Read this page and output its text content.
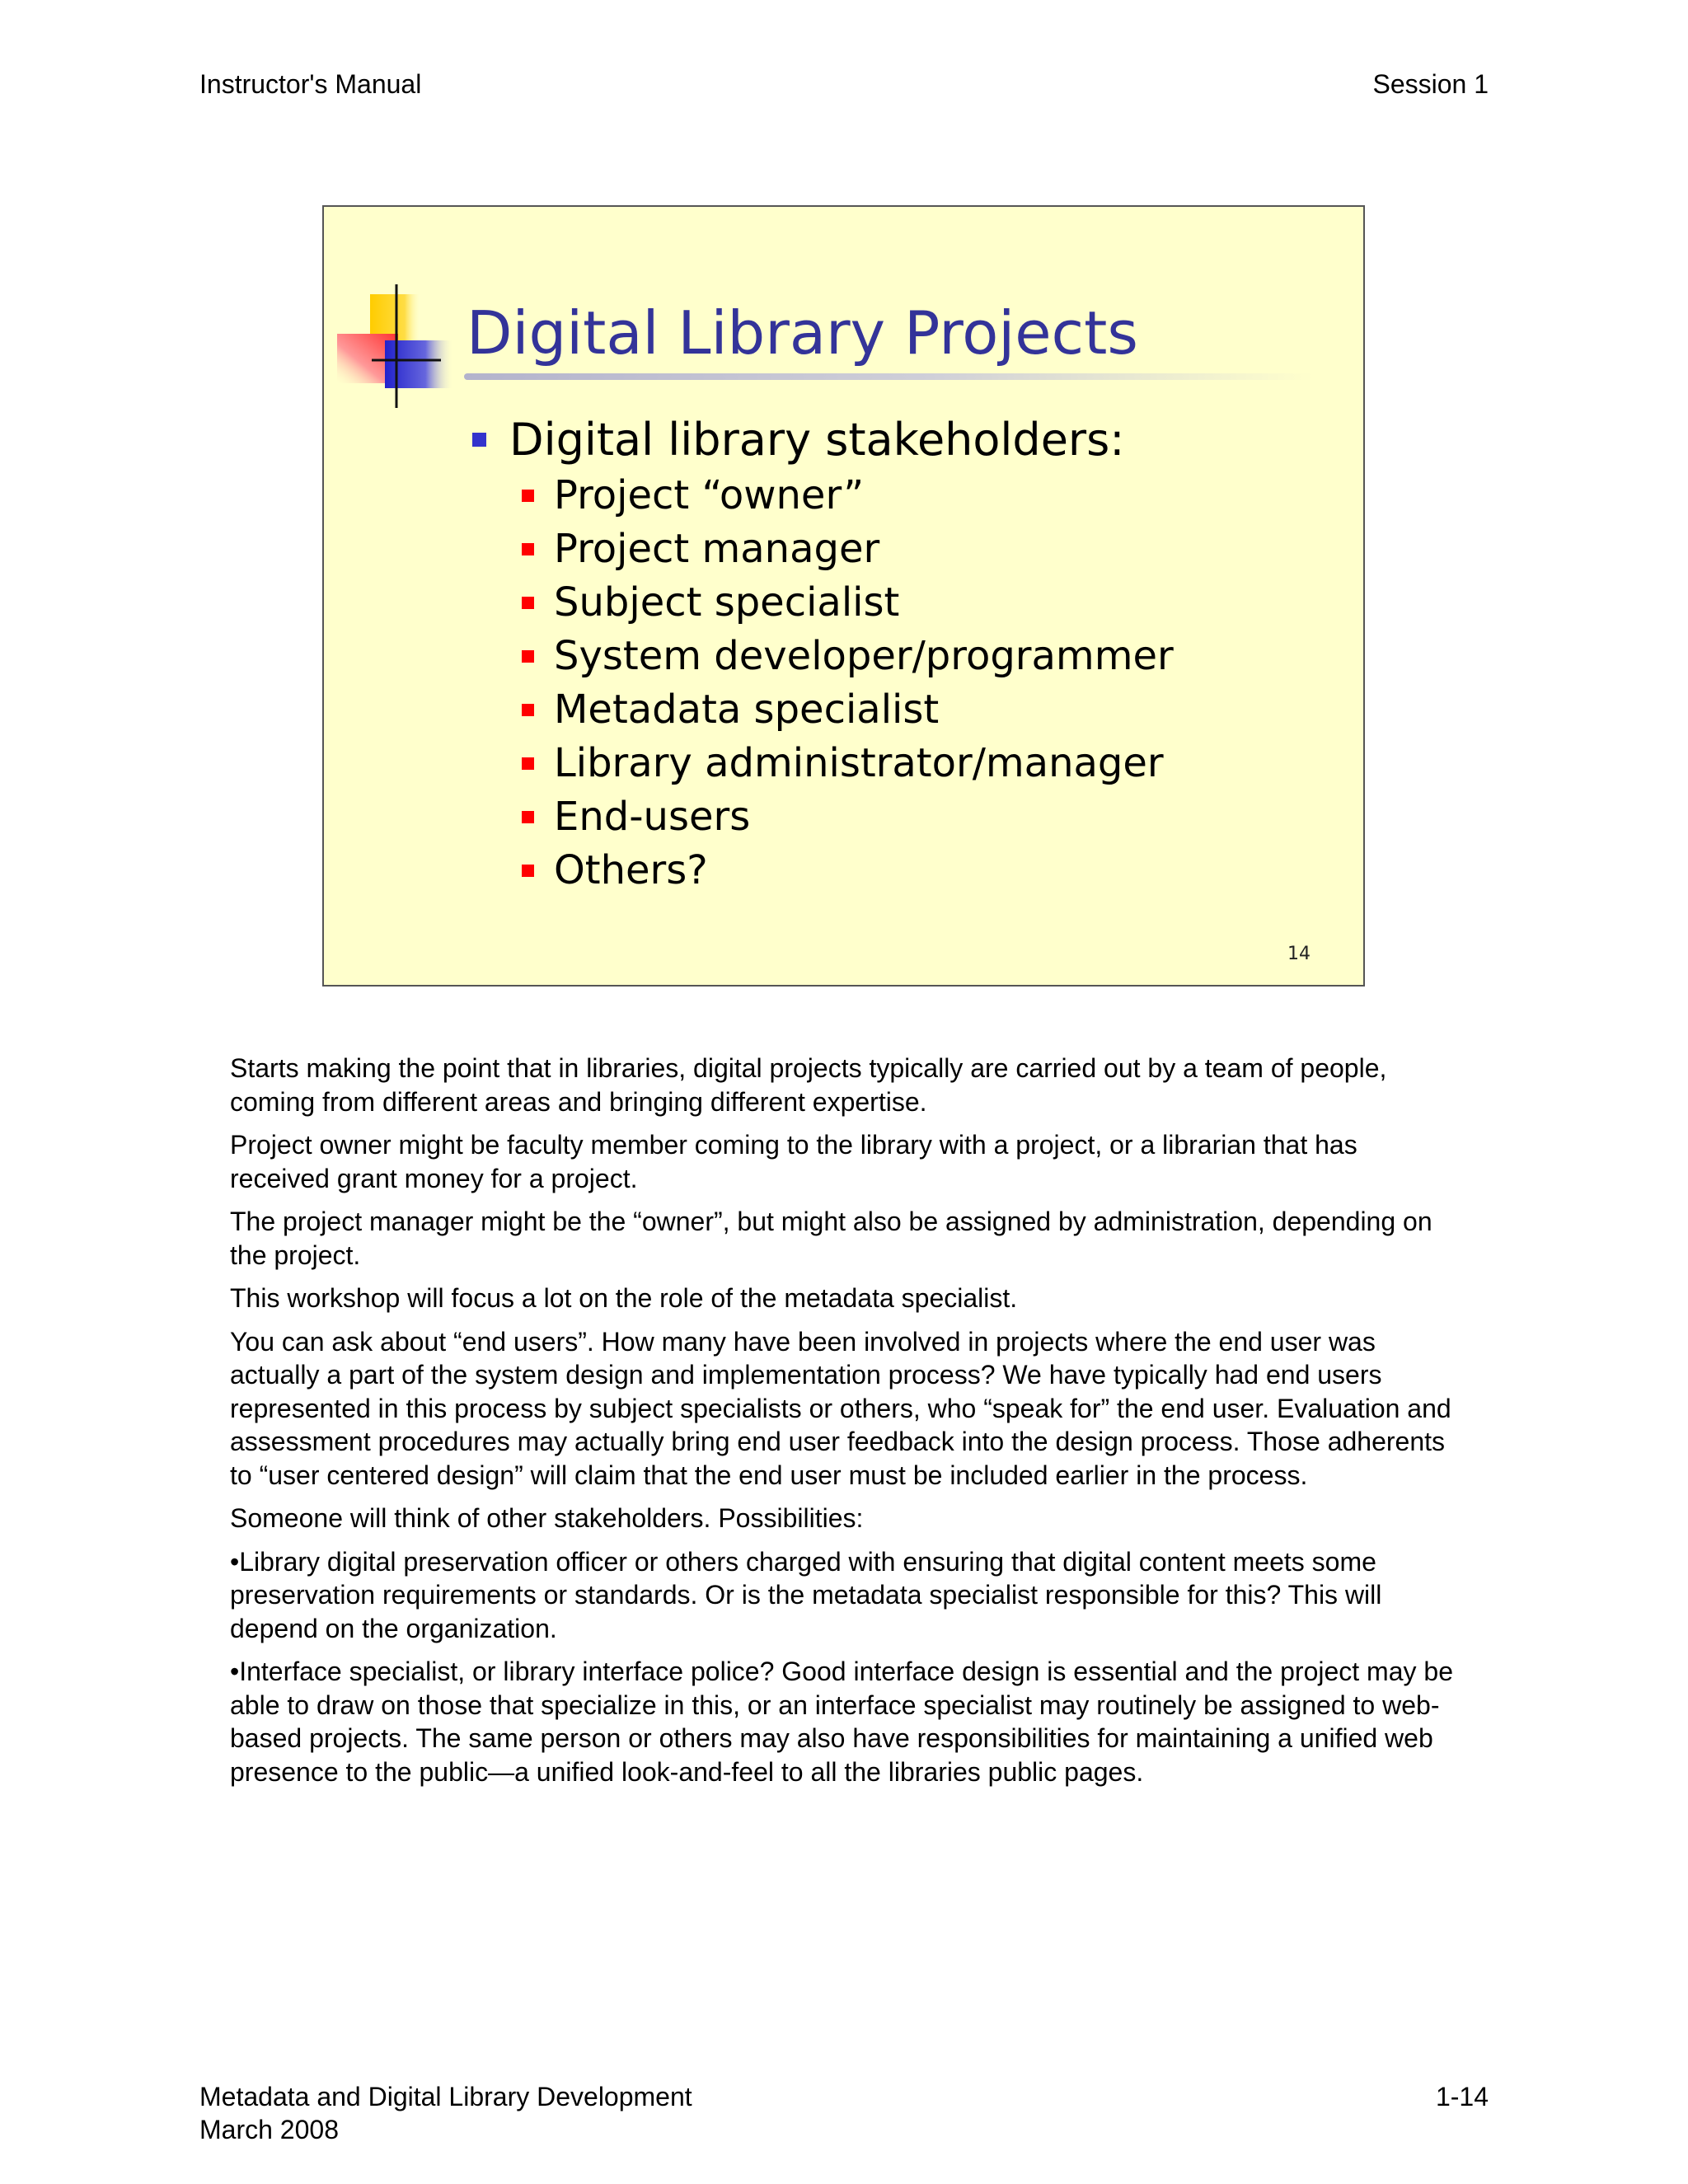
Instructor's Manual	Session 1
Digital Library Projects
Digital library stakeholders:
Project “owner”
Project manager
Subject specialist
System developer/programmer
Metadata specialist
Library administrator/manager
End-users
Others?
14

Starts making the point that in libraries, digital projects typically are carried out by a team of people, coming from different areas and bringing different expertise.

Project owner might be faculty member coming to the library with a project, or a librarian that has received grant money for a project.

The project manager might be the “owner”, but might also be assigned by administration, depending on the project.

This workshop will focus a lot on the role of the metadata specialist.

You can ask about “end users”. How many have been involved in projects where the end user was actually a part of the system design and implementation process? We have typically had end users represented in this process by subject specialists or others, who “speak for” the end user. Evaluation and assessment procedures may actually bring end user feedback into the design process. Those adherents to “user centered design” will claim that the end user must be included earlier in the process.

Someone will think of other stakeholders. Possibilities:

•Library digital preservation officer or others charged with ensuring that digital content meets some preservation requirements or standards. Or is the metadata specialist responsible for this? This will depend on the organization.

•Interface specialist, or library interface police? Good interface design is essential and the project may be able to draw on those that specialize in this, or an interface specialist may routinely be assigned to web-based projects. The same person or others may also have responsibilities for maintaining a unified web presence to the public—a unified look-and-feel to all the libraries public pages.

Metadata and Digital Library Development
March 2008
1-14
